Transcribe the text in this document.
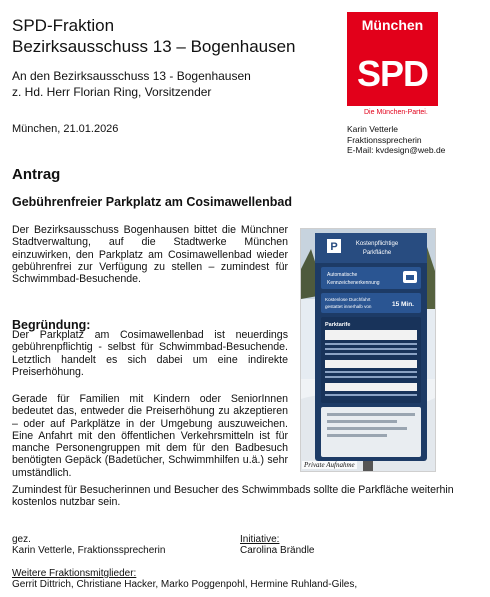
SPD-Fraktion
Bezirksausschuss 13 – Bogenhausen
An den Bezirksausschuss 13 - Bogenhausen
z. Hd. Herr Florian Ring, Vorsitzender
München
SPD
Die München-Partei.
München, 21.01.2026	Karin Vetterle
Fraktionssprecherin
E-Mail: kvdesign@web.de
Antrag
Gebührenfreier Parkplatz am Cosimawellenbad
Der Bezirksausschuss Bogenhausen bittet die Münchner Stadtverwaltung, auf die Stadtwerke München einzuwirken, den Parkplatz am Cosimawellenbad wieder gebührenfrei zur Verfügung zu stellen – zumindest für Schwimmbad-Besuchende.
Begründung:
Der Parkplatz am Cosimawellenbad ist neuerdings gebührenpflichtig - selbst für Schwimmbad-Besuchende. Letztlich handelt es sich dabei um eine indirekte Preiserhöhung.
Gerade für Familien mit Kindern oder SeniorInnen bedeutet das, entweder die Preiserhöhung zu akzeptieren – oder auf Parkplätze in der Umgebung auszuweichen. Eine Anfahrt mit den öffentlichen Verkehrsmitteln ist für manche Personengruppen mit dem für den Badbesuch benötigten Gepäck (Badetücher, Schwimmhilfen u.ä.) sehr umständlich.
Zumindest für Besucherinnen und Besucher des Schwimmbads sollte die Parkfläche weiterhin kostenlos nutzbar sein.
P	Kostenpflichtige
Parkfläche
Automatische
Kennzeichenerkennung
Kostenlose Durchfahrt
gestattet innerhalb von	15 Min.
Parktarife
Private Aufnahme
gez.
Karin Vetterle, Fraktionssprecherin
Initiative:
Carolina Brändle
Weitere Fraktionsmitglieder:
Gerrit Dittrich, Christiane Hacker, Marko Poggenpohl, Hermine Ruhland-Giles,
